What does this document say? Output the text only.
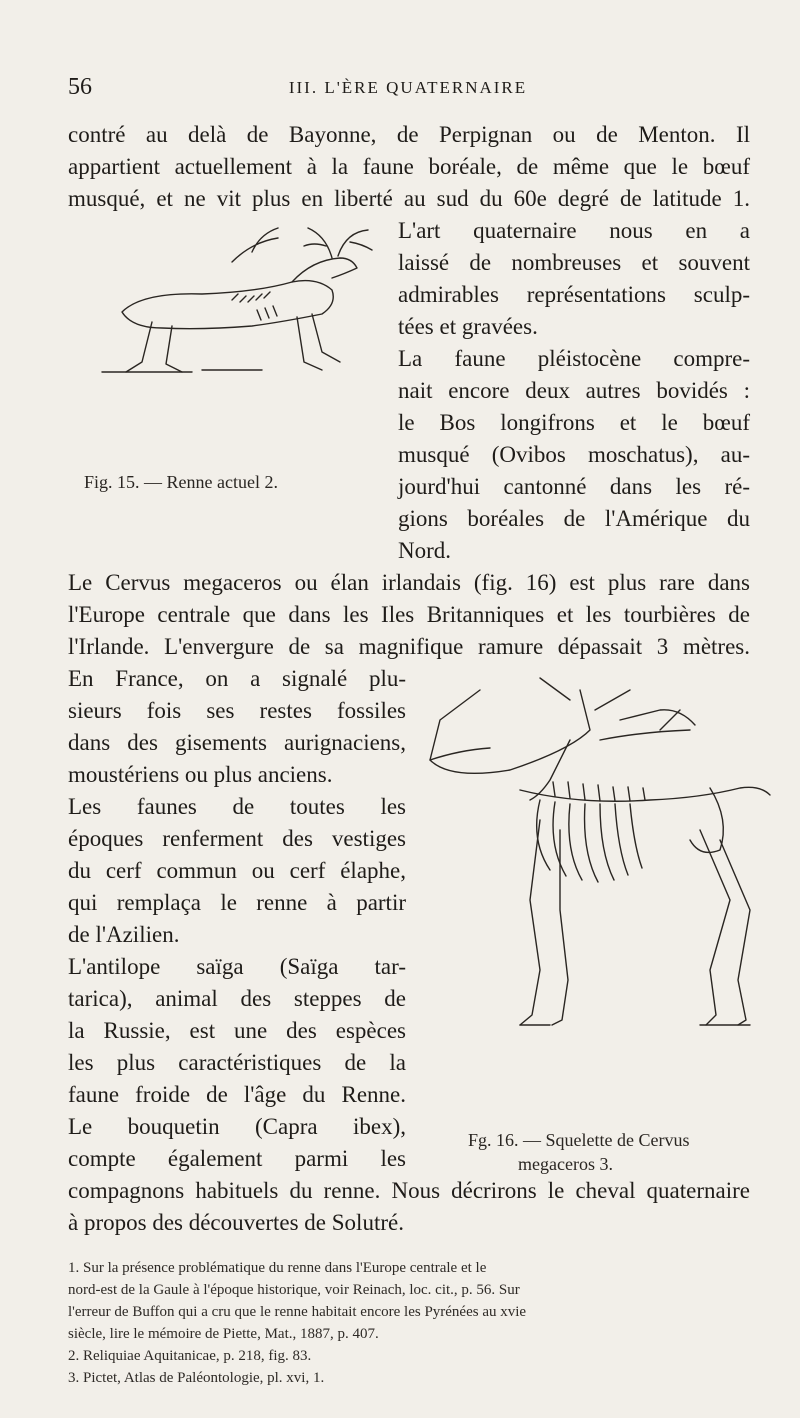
56	III. L'ÈRE QUATERNAIRE
contré au delà de Bayonne, de Perpignan ou de Menton. Il
appartient actuellement à la faune boréale, de même que le bœuf
musqué, et ne vit plus en liberté au sud du 60e degré de latitude 1.
Fig. 15. — Renne actuel 2.
L'art quaternaire nous en a
laissé de nombreuses et souvent
admirables représentations sculp-
tées et gravées.
La faune pléistocène compre-
nait encore deux autres bovidés :
le Bos longifrons et le bœuf
musqué (Ovibos moschatus), au-
jourd'hui cantonné dans les ré-
gions boréales de l'Amérique du
Nord.
Le Cervus megaceros ou élan irlandais (fig. 16) est plus rare dans
l'Europe centrale que dans les Iles Britanniques et les tourbières de
l'Irlande. L'envergure de sa magnifique ramure dépassait 3 mètres.
En France, on a signalé plu-
sieurs fois ses restes fossiles
dans des gisements aurignaciens,
moustériens ou plus anciens.
Les faunes de toutes les
époques renferment des vestiges
du cerf commun ou cerf élaphe,
qui remplaça le renne à partir
de l'Azilien.
L'antilope saïga (Saïga tar-
tarica), animal des steppes de
la Russie, est une des espèces
les plus caractéristiques de la
faune froide de l'âge du Renne.
Le bouquetin (Capra ibex),
compte également parmi les
Fg. 16. — Squelette de Cervus
megaceros 3.
compagnons habituels du renne. Nous décrirons le cheval quaternaire
à propos des découvertes de Solutré.
1. Sur la présence problématique du renne dans l'Europe centrale et le
nord-est de la Gaule à l'époque historique, voir Reinach, loc. cit., p. 56. Sur
l'erreur de Buffon qui a cru que le renne habitait encore les Pyrénées au xvie
siècle, lire le mémoire de Piette, Mat., 1887, p. 407.
2. Reliquiae Aquitanicae, p. 218, fig. 83.
3. Pictet, Atlas de Paléontologie, pl. xvi, 1.
